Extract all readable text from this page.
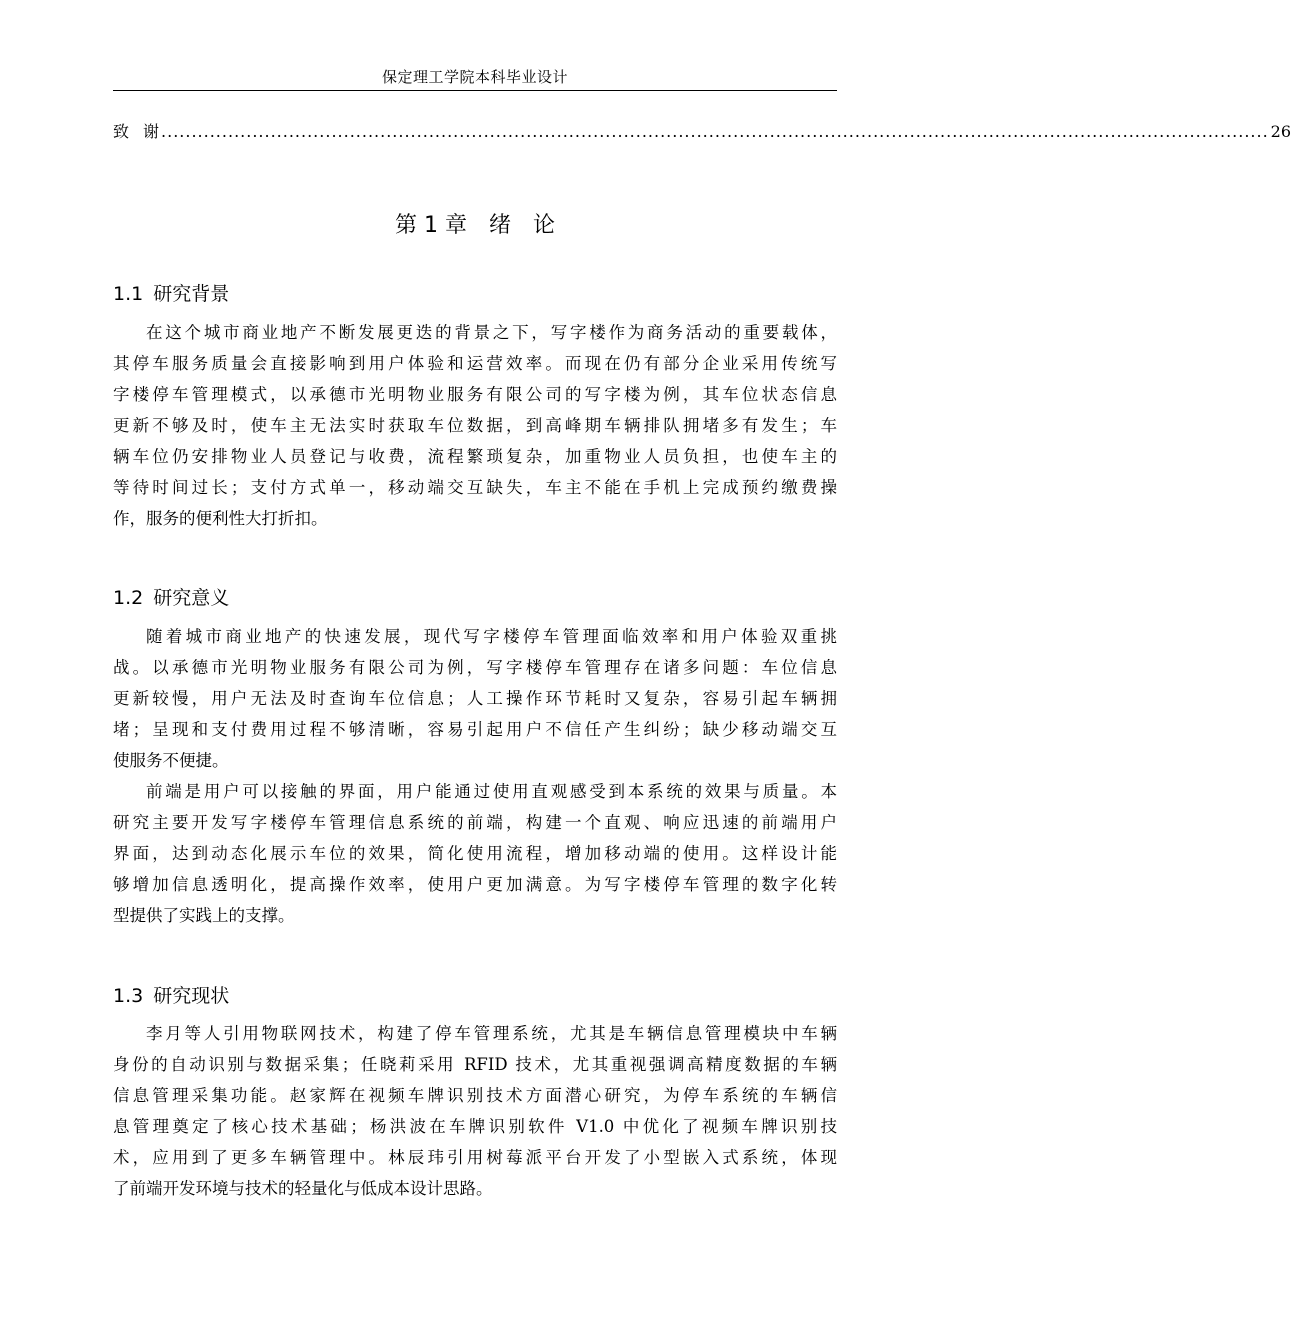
保定理工学院本科毕业设计
致 谢 ...................................................................................................................................................................................... 26
第 1 章 绪 论
1.1 研究背景
在这个城市商业地产不断发展更迭的背景之下，写字楼作为商务活动的重要载体，
其停车服务质量会直接影响到用户体验和运营效率。而现在仍有部分企业采用传统写
字楼停车管理模式，以承德市光明物业服务有限公司的写字楼为例，其车位状态信息
更新不够及时，使车主无法实时获取车位数据，到高峰期车辆排队拥堵多有发生；车
辆车位仍安排物业人员登记与收费，流程繁琐复杂，加重物业人员负担，也使车主的
等待时间过长；支付方式单一，移动端交互缺失，车主不能在手机上完成预约缴费操
作，服务的便利性大打折扣。
1.2 研究意义
随着城市商业地产的快速发展，现代写字楼停车管理面临效率和用户体验双重挑
战。以承德市光明物业服务有限公司为例，写字楼停车管理存在诸多问题：车位信息
更新较慢，用户无法及时查询车位信息；人工操作环节耗时又复杂，容易引起车辆拥
堵；呈现和支付费用过程不够清晰，容易引起用户不信任产生纠纷；缺少移动端交互
使服务不便捷。
前端是用户可以接触的界面，用户能通过使用直观感受到本系统的效果与质量。本
研究主要开发写字楼停车管理信息系统的前端，构建一个直观、响应迅速的前端用户
界面，达到动态化展示车位的效果，简化使用流程，增加移动端的使用。这样设计能
够增加信息透明化，提高操作效率，使用户更加满意。为写字楼停车管理的数字化转
型提供了实践上的支撑。
1.3 研究现状
李月等人引用物联网技术，构建了停车管理系统，尤其是车辆信息管理模块中车辆
身份的自动识别与数据采集；任晓莉采用 RFID 技术，尤其重视强调高精度数据的车辆
信息管理采集功能。赵家辉在视频车牌识别技术方面潜心研究，为停车系统的车辆信
息管理奠定了核心技术基础；杨洪波在车牌识别软件 V1.0 中优化了视频车牌识别技
术，应用到了更多车辆管理中。林辰玮引用树莓派平台开发了小型嵌入式系统，体现
了前端开发环境与技术的轻量化与低成本设计思路。
